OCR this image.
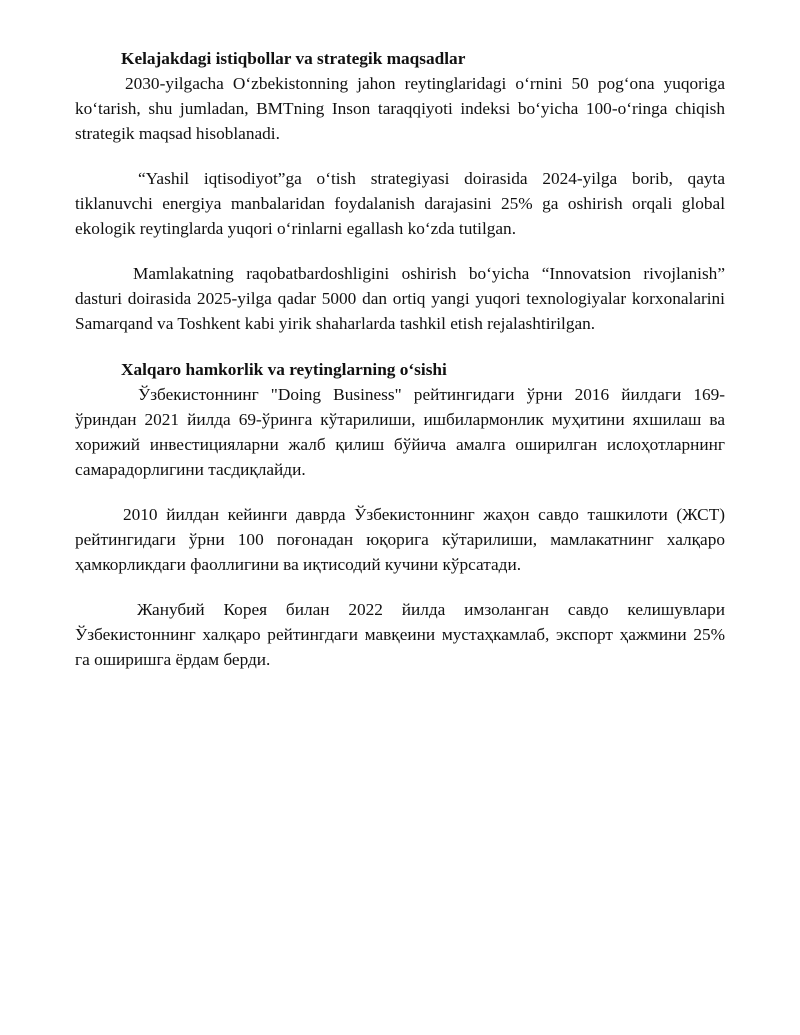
Kelajakdagi istiqbollar va strategik maqsadlar

2030-yilgacha O‘zbekistonning jahon reytinglaridagi o‘rnini 50 pog‘ona yuqoriga ko‘tarish, shu jumladan, BMTning Inson taraqqiyoti indeksi bo‘yicha 100-o‘ringa chiqish strategik maqsad hisoblanadi.

“Yashil iqtisodiyot”ga o‘tish strategiyasi doirasida 2024-yilga borib, qayta tiklanuvchi energiya manbalaridan foydalanish darajasini 25% ga oshirish orqali global ekologik reytinglarda yuqori o‘rinlarni egallash ko‘zda tutilgan.

Mamlakatning raqobatbardoshligini oshirish bo‘yicha “Innovatsion rivojlanish” dasturi doirasida 2025-yilga qadar 5000 dan ortiq yangi yuqori texnologiyalar korxonalarini Samarqand va Toshkent kabi yirik shaharlarda tashkil etish rejalashtirilgan.

Xalqaro hamkorlik va reytinglarning o‘sishi

Ўзбекистоннинг "Doing Business" рейтингидаги ўрни 2016 йилдаги 169-ўриндан 2021 йилда 69-ўринга кўтарилиши, ишбилармонлик муҳитини яхшилаш ва хорижий инвестицияларни жалб қилиш бўйича амалга оширилган ислоҳотларнинг самарадорлигини тасдиқлайди.

2010 йилдан кейинги даврда Ўзбекистоннинг жаҳон савдо ташкилоти (ЖСТ) рейтингидаги ўрни 100 поғонадан юқорига кўтарилиши, мамлакатнинг халқаро ҳамкорликдаги фаоллигини ва иқтисодий кучини кўрсатади.

Жанубий Корея билан 2022 йилда имзоланган савдо келишувлари Ўзбекистоннинг халқаро рейтингдаги мавқеини мустаҳкамлаб, экспорт ҳажмини 25% га оширишга ёрдам берди.
